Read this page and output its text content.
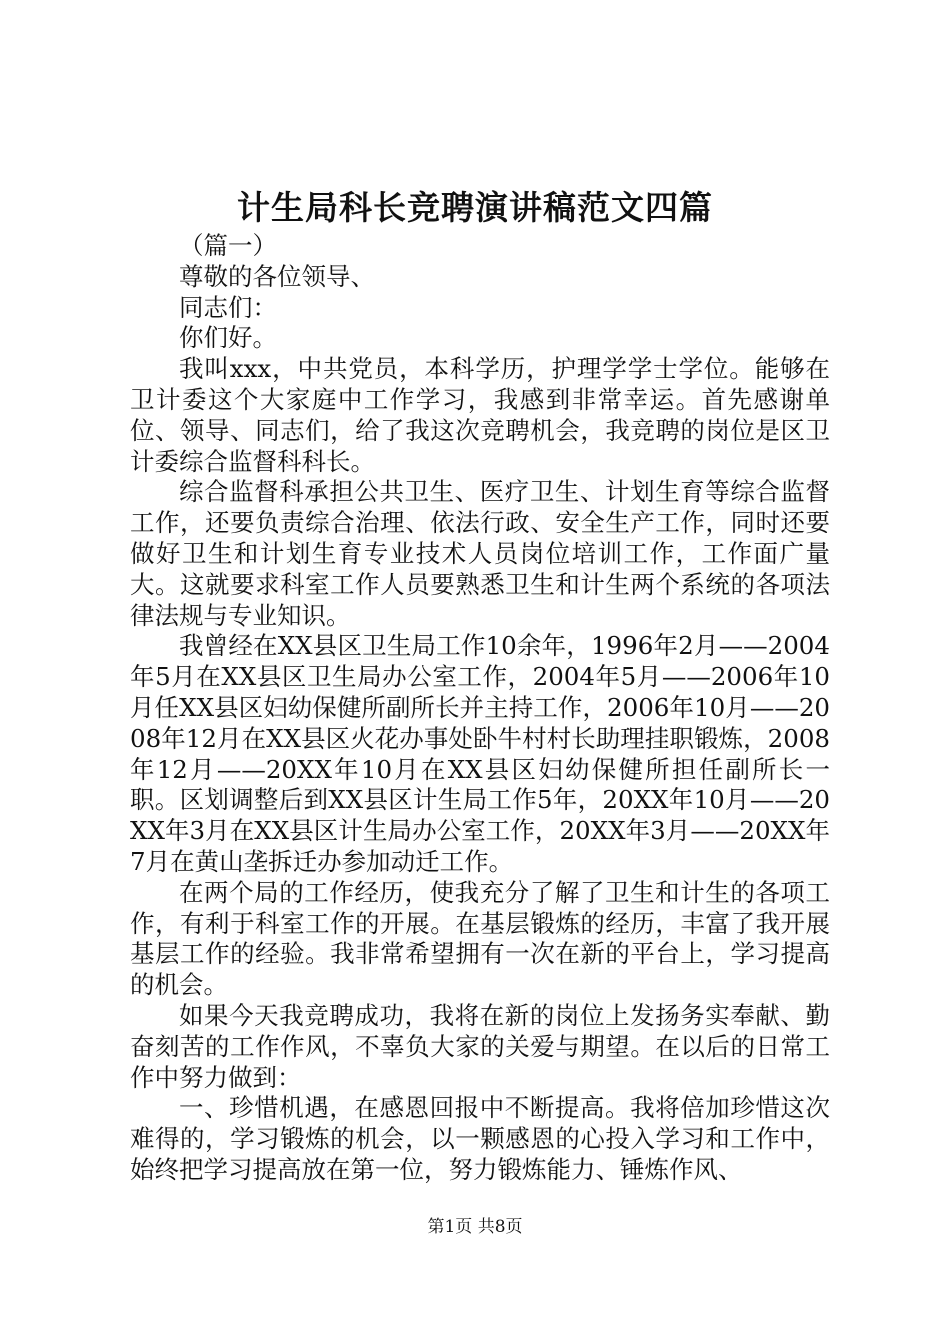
计生局科长竞聘演讲稿范文四篇

（篇一）

尊敬的各位领导、

同志们：

你们好。

我叫xxx，中共党员，本科学历，护理学学士学位。能够在卫计委这个大家庭中工作学习，我感到非常幸运。首先感谢单位、领导、同志们，给了我这次竞聘机会，我竞聘的岗位是区卫计委综合监督科科长。

综合监督科承担公共卫生、医疗卫生、计划生育等综合监督工作，还要负责综合治理、依法行政、安全生产工作，同时还要做好卫生和计划生育专业技术人员岗位培训工作，工作面广量大。这就要求科室工作人员要熟悉卫生和计生两个系统的各项法律法规与专业知识。

我曾经在XX县区卫生局工作10余年，1996年2月——2004年5月在XX县区卫生局办公室工作，2004年5月——2006年10月任XX县区妇幼保健所副所长并主持工作，2006年10月——2008年12月在XX县区火花办事处卧牛村村长助理挂职锻炼，2008年12月——20XX年10月在XX县区妇幼保健所担任副所长一职。区划调整后到XX县区计生局工作5年，20XX年10月——20XX年3月在XX县区计生局办公室工作，20XX年3月——20XX年7月在黄山垄拆迁办参加动迁工作。

在两个局的工作经历，使我充分了解了卫生和计生的各项工作，有利于科室工作的开展。在基层锻炼的经历，丰富了我开展基层工作的经验。我非常希望拥有一次在新的平台上，学习提高的机会。

如果今天我竞聘成功，我将在新的岗位上发扬务实奉献、勤奋刻苦的工作作风，不辜负大家的关爱与期望。在以后的日常工作中努力做到：

一、珍惜机遇，在感恩回报中不断提高。我将倍加珍惜这次难得的，学习锻炼的机会，以一颗感恩的心投入学习和工作中，始终把学习提高放在第一位，努力锻炼能力、锤炼作风、

第1页 共8页
